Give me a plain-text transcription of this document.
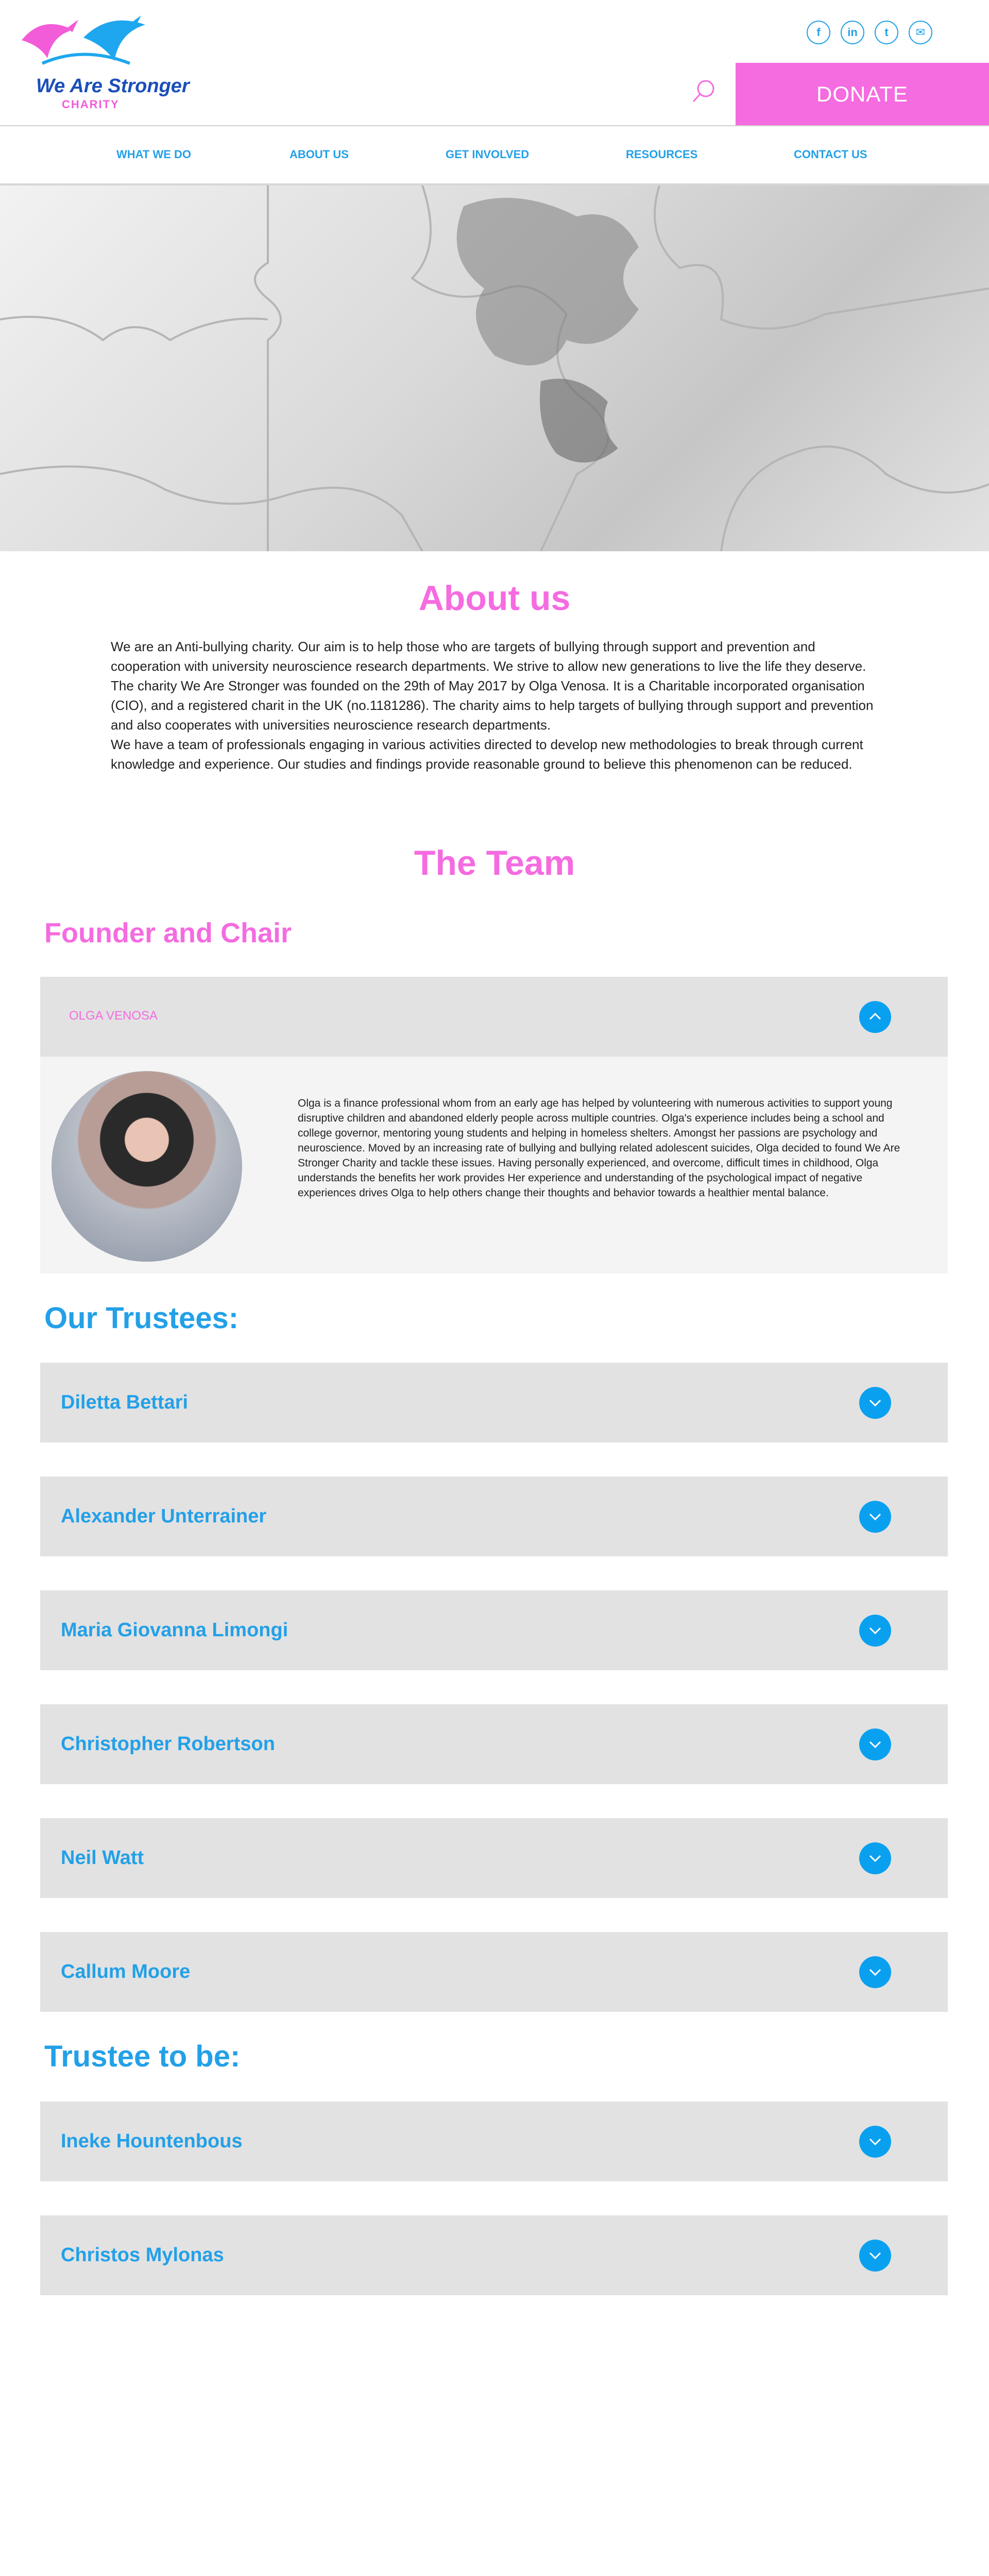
We Are Stronger
CHARITY
f	in	t	✉
DONATE
WHAT WE DO	ABOUT US	GET INVOLVED	RESOURCES	CONTACT US
About us

We are an Anti-bullying charity. Our aim is to help those who are targets of bullying through support and prevention and cooperation with university neuroscience research departments. We strive to allow new generations to live the life they deserve.

The charity We Are Stronger was founded on the 29th of May 2017 by Olga Venosa. It is a Charitable incorporated organisation (CIO), and a registered charit in the UK (no.1181286). The charity aims to help targets of bullying through support and prevention and also cooperates with universities neuroscience research departments.

We have a team of professionals engaging in various activities directed to develop new methodologies to break through current knowledge and experience. Our studies and findings provide reasonable ground to believe this phenomenon can be reduced.

The Team
Founder and Chair
OLGA VENOSA

Olga is a finance professional whom from an early age has helped by volunteering with numerous activities to support young disruptive children and abandoned elderly people across multiple countries. Olga's experience includes being a school and college governor, mentoring young students and helping in homeless shelters. Amongst her passions are psychology and neuroscience. Moved by an increasing rate of bullying and bullying related adolescent suicides, Olga decided to found We Are Stronger Charity and tackle these issues. Having personally experienced, and overcome, difficult times in childhood, Olga understands the benefits her work provides Her experience and understanding of the psychological impact of negative experiences drives Olga to help others change their thoughts and behavior towards a healthier mental balance.

Our Trustees:
Diletta Bettari
Alexander Unterrainer
Maria Giovanna Limongi
Christopher Robertson
Neil Watt
Callum Moore
Trustee to be:
Ineke Hountenbous
Christos Mylonas
